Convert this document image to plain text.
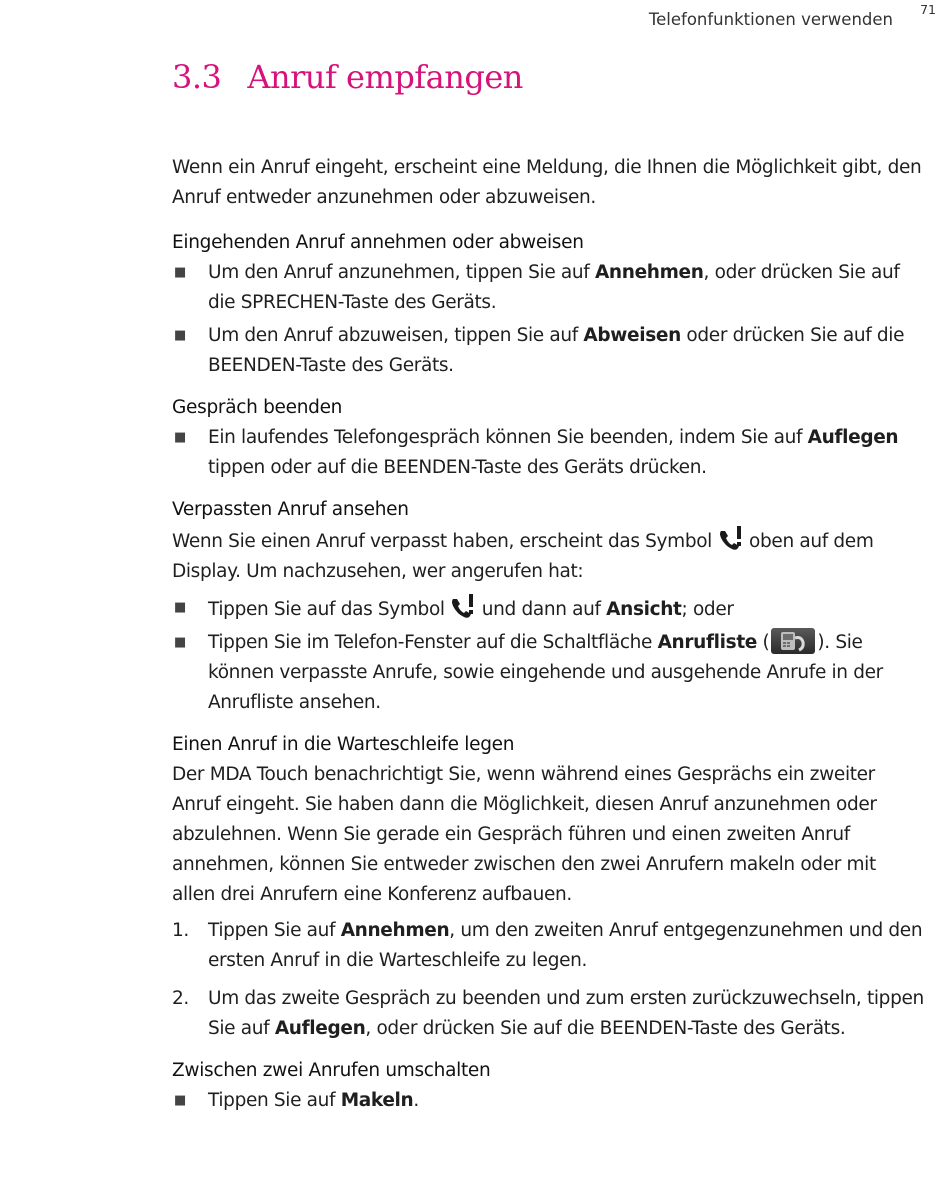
Telefonfunktionen verwenden
71
3.3 Anruf empfangen

Wenn ein Anruf eingeht, erscheint eine Meldung, die Ihnen die Möglichkeit gibt, den Anruf entweder anzunehmen oder abzuweisen.

Eingehenden Anruf annehmen oder abweisen
■ Um den Anruf anzunehmen, tippen Sie auf Annehmen, oder drücken Sie auf die SPRECHEN-Taste des Geräts.
■ Um den Anruf abzuweisen, tippen Sie auf Abweisen oder drücken Sie auf die BEENDEN-Taste des Geräts.
Gespräch beenden
■ Ein laufendes Telefongespräch können Sie beenden, indem Sie auf Auflegen tippen oder auf die BEENDEN-Taste des Geräts drücken.
Verpassten Anruf ansehen

Wenn Sie einen Anruf verpasst haben, erscheint das Symbol  oben auf dem Display. Um nachzusehen, wer angerufen hat:

■ Tippen Sie auf das Symbol  und dann auf Ansicht; oder
■ Tippen Sie im Telefon-Fenster auf die Schaltfläche Anrufliste (	). Sie können verpasste Anrufe, sowie eingehende und ausgehende Anrufe in der Anrufliste ansehen.
Einen Anruf in die Warteschleife legen

Der MDA Touch benachrichtigt Sie, wenn während eines Gesprächs ein zweiter Anruf eingeht. Sie haben dann die Möglichkeit, diesen Anruf anzunehmen oder abzulehnen. Wenn Sie gerade ein Gespräch führen und einen zweiten Anruf annehmen, können Sie entweder zwischen den zwei Anrufern makeln oder mit allen drei Anrufern eine Konferenz aufbauen.

1. Tippen Sie auf Annehmen, um den zweiten Anruf entgegenzunehmen und den ersten Anruf in die Warteschleife zu legen.
2. Um das zweite Gespräch zu beenden und zum ersten zurückzuwechseln, tippen Sie auf Auflegen, oder drücken Sie auf die BEENDEN-Taste des Geräts.
Zwischen zwei Anrufen umschalten
■ Tippen Sie auf Makeln.
